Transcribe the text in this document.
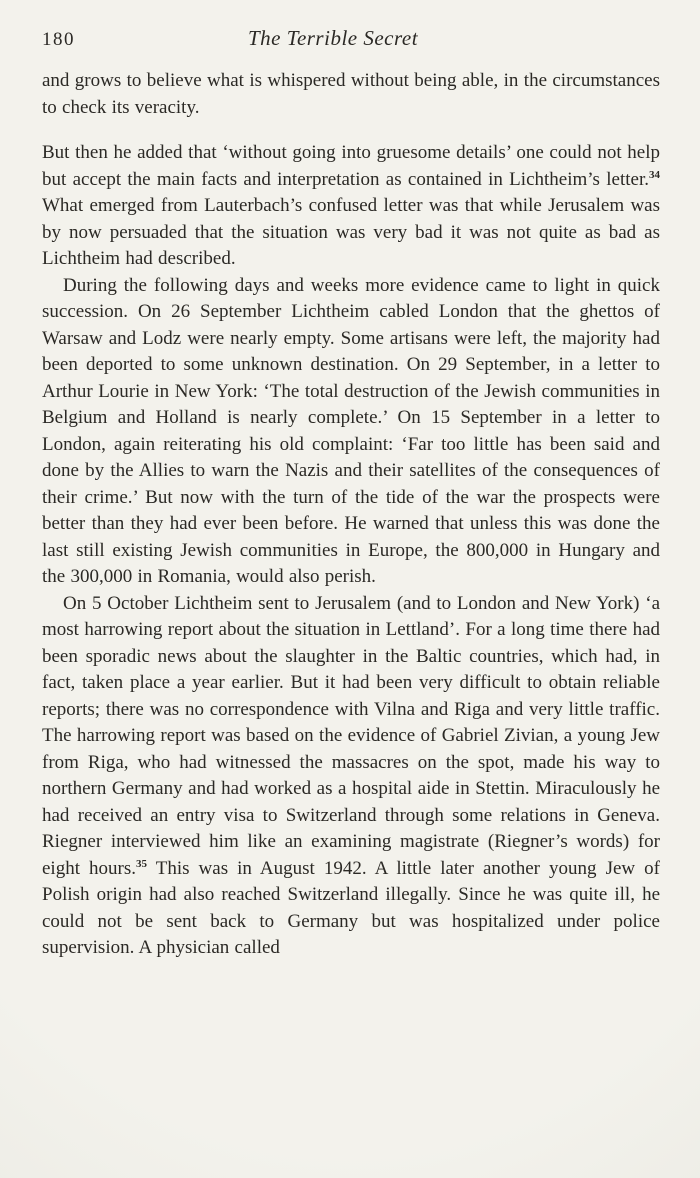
180	The Terrible Secret

and grows to believe what is whispered without being able, in the circumstances to check its veracity.

But then he added that ‘without going into gruesome details’ one could not help but accept the main facts and interpretation as contained in Lichtheim’s letter.$^{34}$ What emerged from Lauterbach’s confused letter was that while Jerusalem was by now persuaded that the situation was very bad it was not quite as bad as Lichtheim had described.

During the following days and weeks more evidence came to light in quick succession. On 26 September Lichtheim cabled London that the ghettos of Warsaw and Lodz were nearly empty. Some artisans were left, the majority had been deported to some unknown destination. On 29 September, in a letter to Arthur Lourie in New York: ‘The total destruction of the Jewish communities in Belgium and Holland is nearly complete.’ On 15 September in a letter to London, again reiterating his old complaint: ‘Far too little has been said and done by the Allies to warn the Nazis and their satellites of the consequences of their crime.’ But now with the turn of the tide of the war the prospects were better than they had ever been before. He warned that unless this was done the last still existing Jewish communities in Europe, the 800,000 in Hungary and the 300,000 in Romania, would also perish.

On 5 October Lichtheim sent to Jerusalem (and to London and New York) ‘a most harrowing report about the situation in Lettland’. For a long time there had been sporadic news about the slaughter in the Baltic countries, which had, in fact, taken place a year earlier. But it had been very difficult to obtain reliable reports; there was no correspondence with Vilna and Riga and very little traffic. The harrowing report was based on the evidence of Gabriel Zivian, a young Jew from Riga, who had witnessed the massacres on the spot, made his way to northern Germany and had worked as a hospital aide in Stettin. Miraculously he had received an entry visa to Switzerland through some relations in Geneva. Riegner interviewed him like an examining magistrate (Riegner’s words) for eight hours.$^{35}$ This was in August 1942. A little later another young Jew of Polish origin had also reached Switzerland illegally. Since he was quite ill, he could not be sent back to Germany but was hospitalized under police supervision. A physician called
